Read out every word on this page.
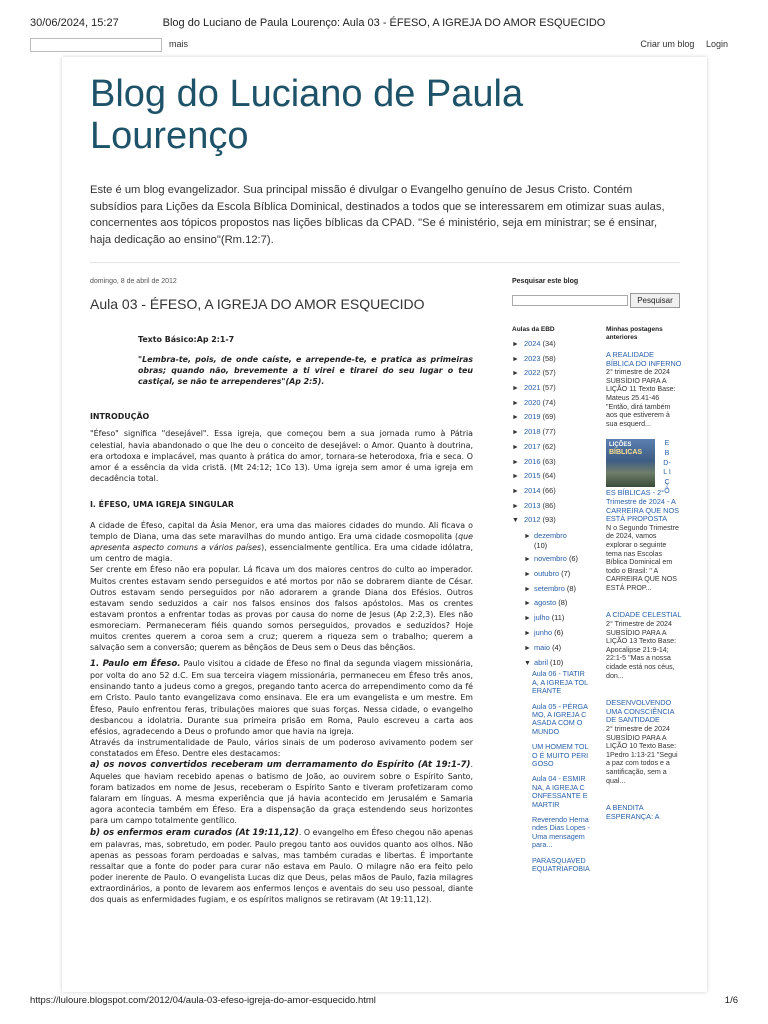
30/06/2024, 15:27	Blog do Luciano de Paula Lourenço: Aula 03 - ÉFESO, A IGREJA DO AMOR ESQUECIDO
mais	Criar um blog Login
Blog do Luciano de Paula Lourenço
Este é um blog evangelizador. Sua principal missão é divulgar o Evangelho genuíno de Jesus Cristo. Contém subsídios para Lições da Escola Bíblica Dominical, destinados a todos que se interessarem em otimizar suas aulas, concernentes aos tópicos propostos nas lições bíblicas da CPAD. "Se é ministério, seja em ministrar; se é ensinar, haja dedicação ao ensino"(Rm.12:7).
domingo, 8 de abril de 2012
Aula 03 - ÉFESO, A IGREJA DO AMOR ESQUECIDO

Texto Básico:Ap 2:1-7

"Lembra-te, pois, de onde caíste, e arrepende-te, e pratica as primeiras obras; quando não, brevemente a ti virei e tirarei do seu lugar o teu castiçal, se não te arrependeres"(Ap 2:5).

INTRODUÇÃO

"Éfeso" significa "desejável". Essa igreja, que começou bem a sua jornada rumo à Pátria celestial, havia abandonado o que lhe deu o conceito de desejável: o Amor. Quanto à doutrina, era ortodoxa e implacável, mas quanto à prática do amor, tornara-se heterodoxa, fria e seca. O amor é a essência da vida cristã. (Mt 24:12; 1Co 13). Uma igreja sem amor é uma igreja em decadência total.

I. ÉFESO, UMA IGREJA SINGULAR

A cidade de Éfeso, capital da Ásia Menor, era uma das maiores cidades do mundo. Ali ficava o templo de Diana, uma das sete maravilhas do mundo antigo. Era uma cidade cosmopolita (que apresenta aspecto comuns a vários países), essencialmente gentílica. Era uma cidade idólatra, um centro de magia.

Ser crente em Éfeso não era popular. Lá ficava um dos maiores centros do culto ao imperador. Muitos crentes estavam sendo perseguidos e até mortos por não se dobrarem diante de César. Outros estavam sendo perseguidos por não adorarem a grande Diana dos Efésios. Outros estavam sendo seduzidos a cair nos falsos ensinos dos falsos apóstolos. Mas os crentes estavam prontos a enfrentar todas as provas por causa do nome de Jesus (Ap 2:2,3). Eles não esmoreciam. Permaneceram fiéis quando somos perseguidos, provados e seduzidos? Hoje muitos crentes querem a coroa sem a cruz; querem a riqueza sem o trabalho; querem a salvação sem a conversão; querem as bênçãos de Deus sem o Deus das bênçãos.

1. Paulo em Éfeso. Paulo visitou a cidade de Éfeso no final da segunda viagem missionária, por volta do ano 52 d.C. Em sua terceira viagem missionária, permaneceu em Éfeso três anos, ensinando tanto a judeus como a gregos, pregando tanto acerca do arrependimento como da fé em Cristo. Paulo tanto evangelizava como ensinava. Ele era um evangelista e um mestre. Em Éfeso, Paulo enfrentou feras, tribulações maiores que suas forças. Nessa cidade, o evangelho desbancou a idolatria. Durante sua primeira prisão em Roma, Paulo escreveu a carta aos efésios, agradecendo a Deus o profundo amor que havia na igreja.

Através da instrumentalidade de Paulo, vários sinais de um poderoso avivamento podem ser constatados em Éfeso. Dentre eles destacamos:

a) os novos convertidos receberam um derramamento do Espírito (At 19:1-7). Aqueles que haviam recebido apenas o batismo de João, ao ouvirem sobre o Espírito Santo, foram batizados em nome de Jesus, receberam o Espírito Santo e tiveram profetizaram como falaram em línguas. A mesma experiência que já havia acontecido em Jerusalém e Samaria agora acontecia também em Éfeso. Era a dispensação da graça estendendo seus horizontes para um campo totalmente gentílico.

b) os enfermos eram curados (At 19:11,12). O evangelho em Éfeso chegou não apenas em palavras, mas, sobretudo, em poder. Paulo pregou tanto aos ouvidos quanto aos olhos. Não apenas as pessoas foram perdoadas e salvas, mas também curadas e libertas. É importante ressaltar que a fonte do poder para curar não estava em Paulo. O milagre não era feito pelo poder inerente de Paulo. O evangelista Lucas diz que Deus, pelas mãos de Paulo, fazia milagres extraordinários, a ponto de levarem aos enfermos lenços e aventais do seu uso pessoal, diante dos quais as enfermidades fugiam, e os espíritos malignos se retiravam (At 19:11,12).

Pesquisar este blog
Pesquisar
Aulas da EBD
► 2024 (34)
► 2023 (58)
► 2022 (57)
► 2021 (57)
► 2020 (74)
► 2019 (69)
► 2018 (77)
► 2017 (62)
► 2016 (63)
► 2015 (64)
► 2014 (66)
► 2013 (86)
▼ 2012 (93)
► dezembro
(10)
► novembro (6)
► outubro (7)
► setembro (8)
► agosto (8)
► julho (11)
► junho (6)
► maio (4)
▼ abril (10)
Aula 06 - TIATIRA, A IGREJA TOLERANTE
Aula 05 - PÉRGAMO, A IGREJA CASADA COM O MUNDO
UM HOMEM TOLO É MUITO PERIGOSO
Aula 04 - ESMIRNA, A IGREJA CONFESSANTE E MARTIR
Reverendo Hernandes Dias Lopes - Uma mensagem para...
PARASQUAVEDEQUATRIAFOBIA
Minhas postagens anteriores
A REALIDADE BÍBLICA DO INFERNO
2° trimestre de 2024 SUBSÍDIO PARA A LIÇÃO 11 Texto Base: Mateus 25.41-46 "Então, dirá também aos que estiverem à sua esquerd...
LIÇÕES
BÍBLICAS
E B D- L I Ç Õ
ES BÍBLICAS - 2° Trimestre de 2024 - A CARREIRA QUE NOS ESTÁ PROPOSTA
N o Segundo Trimestre de 2024, vamos explorar o seguinte tema nas Escolas Bíblica Dominical em todo o Brasil: " A CARREIRA QUE NOS ESTÁ PROP...
A CIDADE CELESTIAL
2° Trimestre de 2024 SUBSÍDIO PARA A LIÇÃO 13 Texto Base: Apocalipse 21:9-14; 22:1-5 "Mas a nossa cidade está nos céus, don...
DESENVOLVENDO UMA CONSCIÊNCIA DE SANTIDADE
2° trimestre de 2024 SUBSÍDIO PARA A LIÇÃO 10 Texto Base: 1Pedro 1:13-21 "Segui a paz com todos e a santificação, sem a qual...
A BENDITA ESPERANÇA: A
https://luloure.blogspot.com/2012/04/aula-03-efeso-igreja-do-amor-esquecido.html	1/6
